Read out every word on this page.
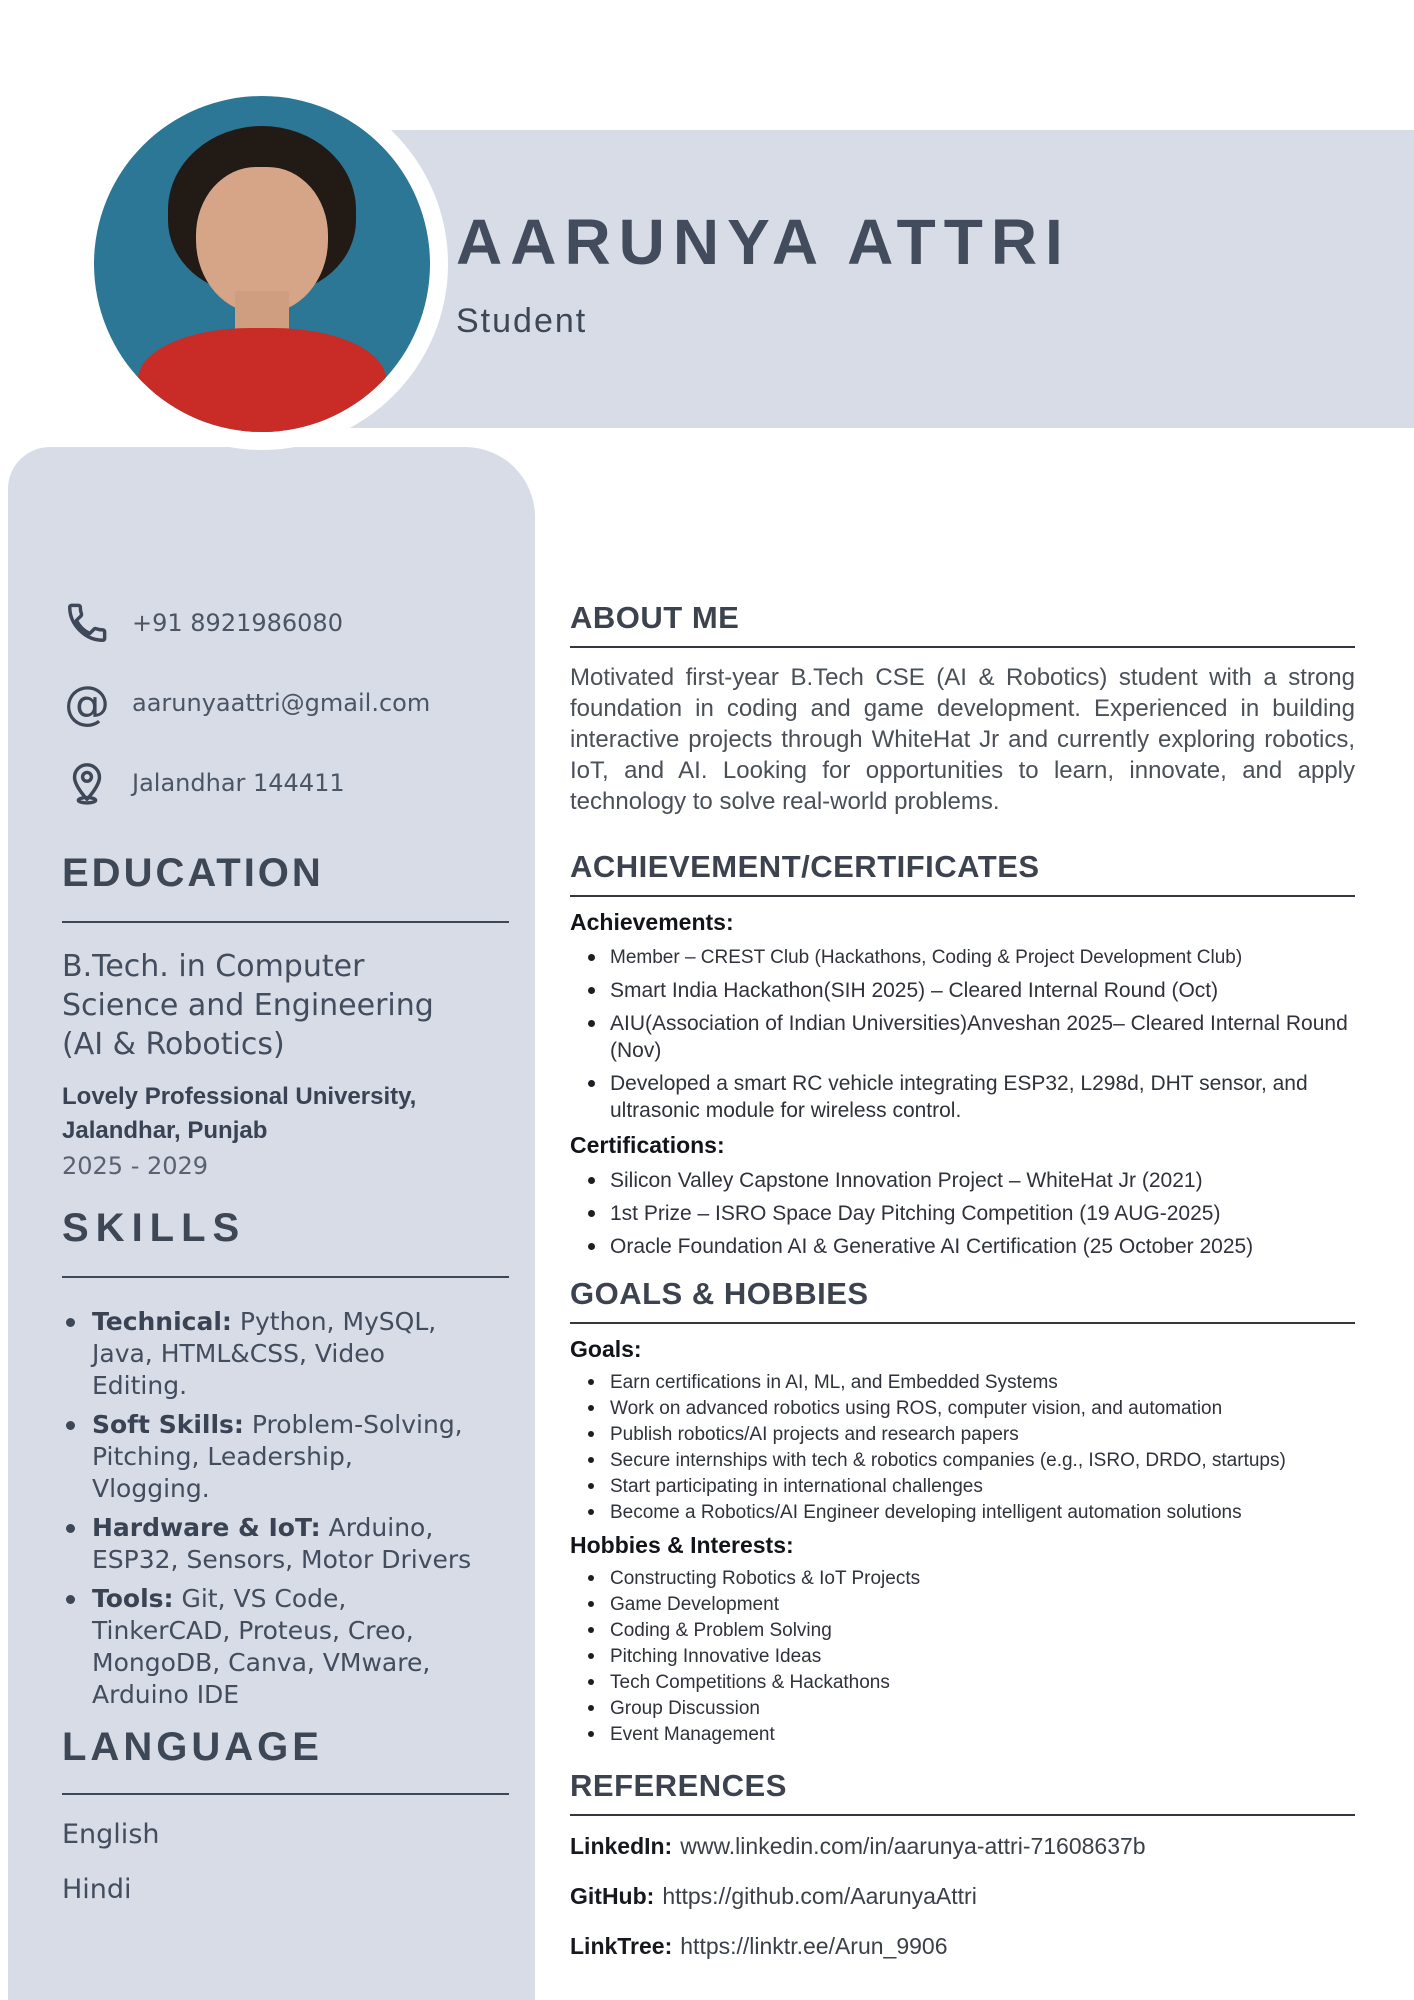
AARUNYA ATTRI
Student
+91 8921986080
@ aarunyaattri@gmail.com
Jalandhar 144411
EDUCATION
B.Tech. in Computer Science and Engineering (AI & Robotics)
Lovely Professional University, Jalandhar, Punjab
2025 - 2029
SKILLS
Technical: Python, MySQL, Java, HTML&CSS, Video Editing.
Soft Skills: Problem-Solving, Pitching, Leadership, Vlogging.
Hardware & IoT: Arduino, ESP32, Sensors, Motor Drivers
Tools: Git, VS Code, TinkerCAD, Proteus, Creo, MongoDB, Canva, VMware, Arduino IDE
LANGUAGE
English
Hindi
ABOUT ME

Motivated first-year B.Tech CSE (AI & Robotics) student with a strong foundation in coding and game development. Experienced in building interactive projects through WhiteHat Jr and currently exploring robotics, IoT, and AI. Looking for opportunities to learn, innovate, and apply technology to solve real-world problems.

ACHIEVEMENT/CERTIFICATES
Achievements:
Member – CREST Club (Hackathons, Coding & Project Development Club)
Smart India Hackathon(SIH 2025) – Cleared Internal Round (Oct)
AIU(Association of Indian Universities)Anveshan 2025– Cleared Internal Round (Nov)
Developed a smart RC vehicle integrating ESP32, L298d, DHT sensor, and ultrasonic module for wireless control.
Certifications:
Silicon Valley Capstone Innovation Project – WhiteHat Jr (2021)
1st Prize – ISRO Space Day Pitching Competition (19 AUG-2025)
Oracle Foundation AI & Generative AI Certification (25 October 2025)
GOALS & HOBBIES
Goals:
Earn certifications in AI, ML, and Embedded Systems
Work on advanced robotics using ROS, computer vision, and automation
Publish robotics/AI projects and research papers
Secure internships with tech & robotics companies (e.g., ISRO, DRDO, startups)
Start participating in international challenges
Become a Robotics/AI Engineer developing intelligent automation solutions
Hobbies & Interests:
Constructing Robotics & IoT Projects
Game Development
Coding & Problem Solving
Pitching Innovative Ideas
Tech Competitions & Hackathons
Group Discussion
Event Management
REFERENCES
LinkedIn: www.linkedin.com/in/aarunya-attri-71608637b
GitHub: https://github.com/AarunyaAttri
LinkTree: https://linktr.ee/Arun_9906
